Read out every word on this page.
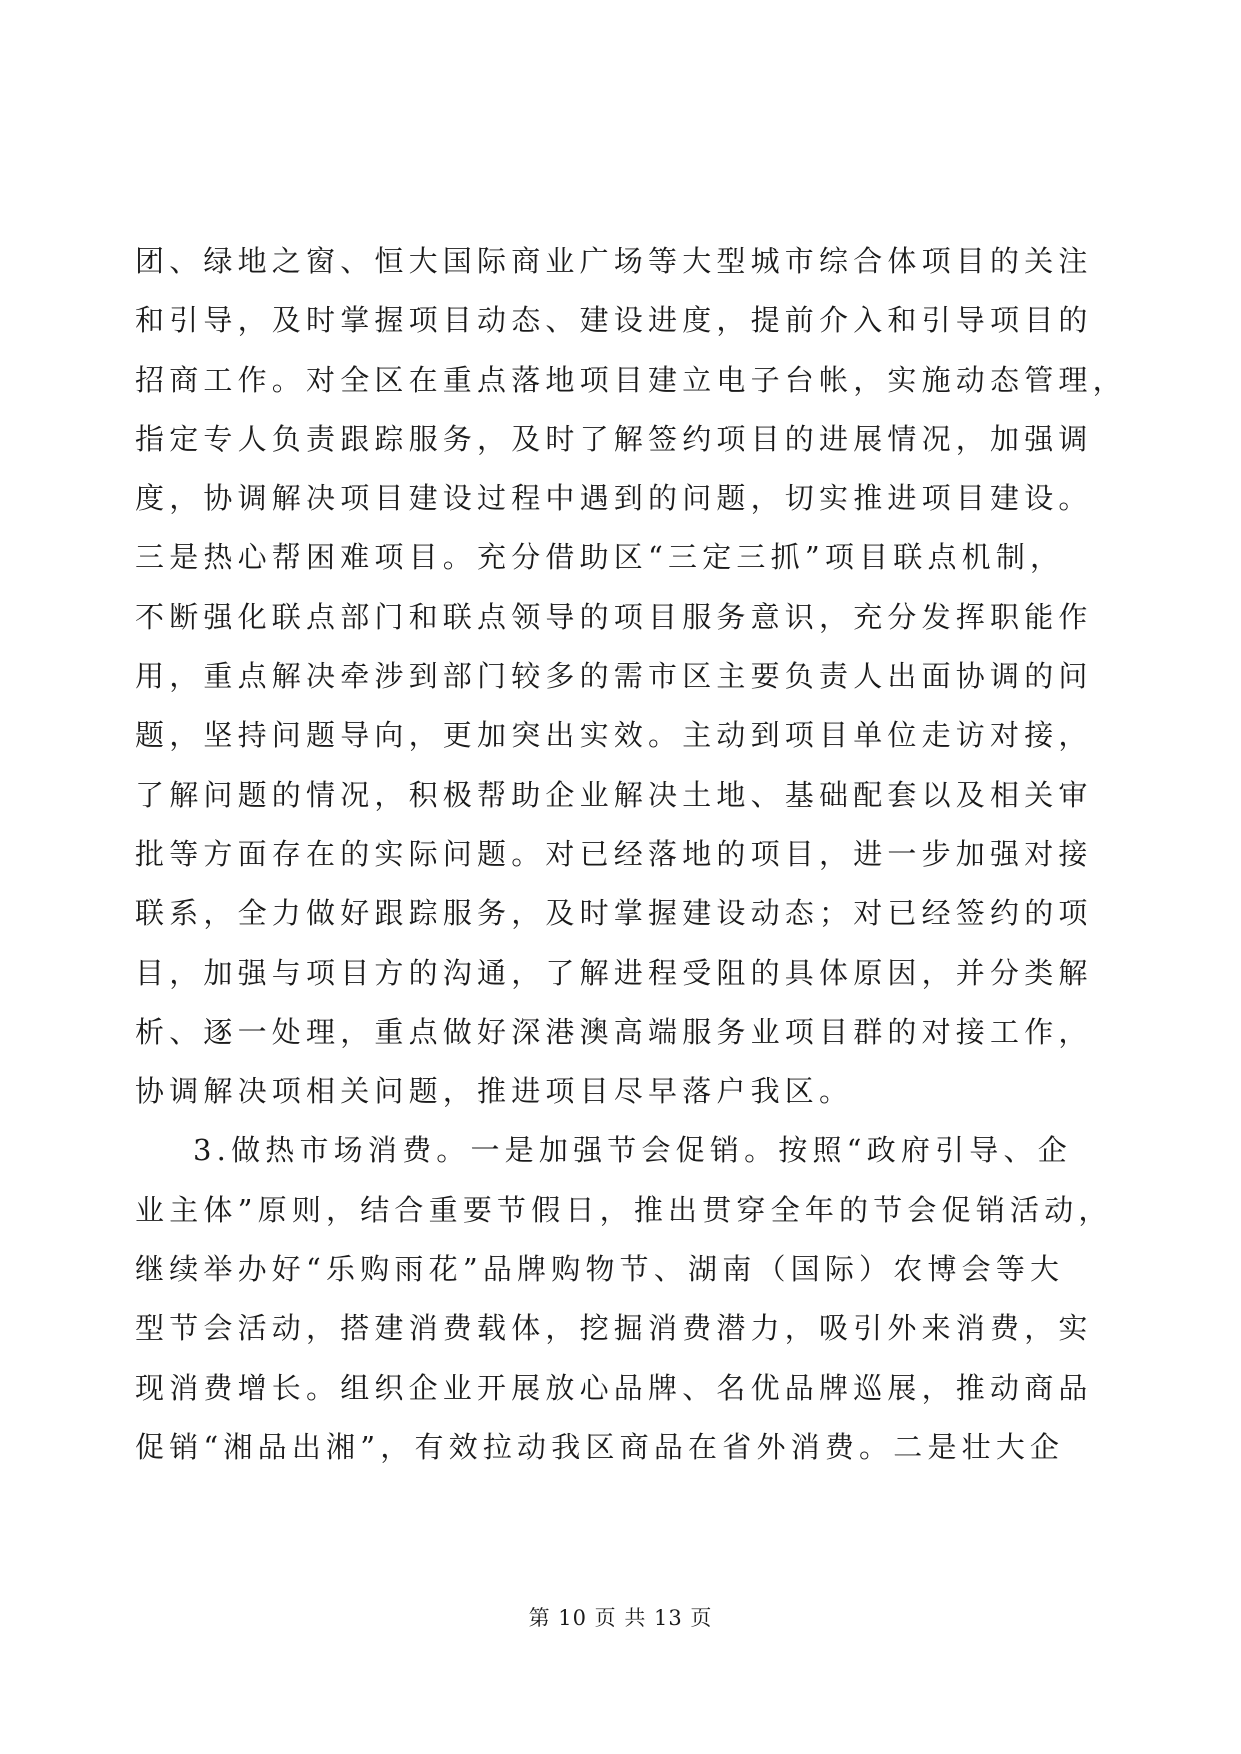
团、绿地之窗、恒大国际商业广场等大型城市综合体项目的关注
和引导，及时掌握项目动态、建设进度，提前介入和引导项目的
招商工作。对全区在重点落地项目建立电子台帐，实施动态管理，
指定专人负责跟踪服务，及时了解签约项目的进展情况，加强调
度，协调解决项目建设过程中遇到的问题，切实推进项目建设。
三是热心帮困难项目。充分借助区“三定三抓”项目联点机制，
不断强化联点部门和联点领导的项目服务意识，充分发挥职能作
用，重点解决牵涉到部门较多的需市区主要负责人出面协调的问
题，坚持问题导向，更加突出实效。主动到项目单位走访对接，
了解问题的情况，积极帮助企业解决土地、基础配套以及相关审
批等方面存在的实际问题。对已经落地的项目，进一步加强对接
联系，全力做好跟踪服务，及时掌握建设动态；对已经签约的项
目，加强与项目方的沟通，了解进程受阻的具体原因，并分类解
析、逐一处理，重点做好深港澳高端服务业项目群的对接工作，
协调解决项相关问题，推进项目尽早落户我区。
3.做热市场消费。一是加强节会促销。按照“政府引导、企
业主体”原则，结合重要节假日，推出贯穿全年的节会促销活动，
继续举办好“乐购雨花”品牌购物节、湖南（国际）农博会等大
型节会活动，搭建消费载体，挖掘消费潜力，吸引外来消费，实
现消费增长。组织企业开展放心品牌、名优品牌巡展，推动商品
促销“湘品出湘”，有效拉动我区商品在省外消费。二是壮大企
第 10 页 共 13 页
